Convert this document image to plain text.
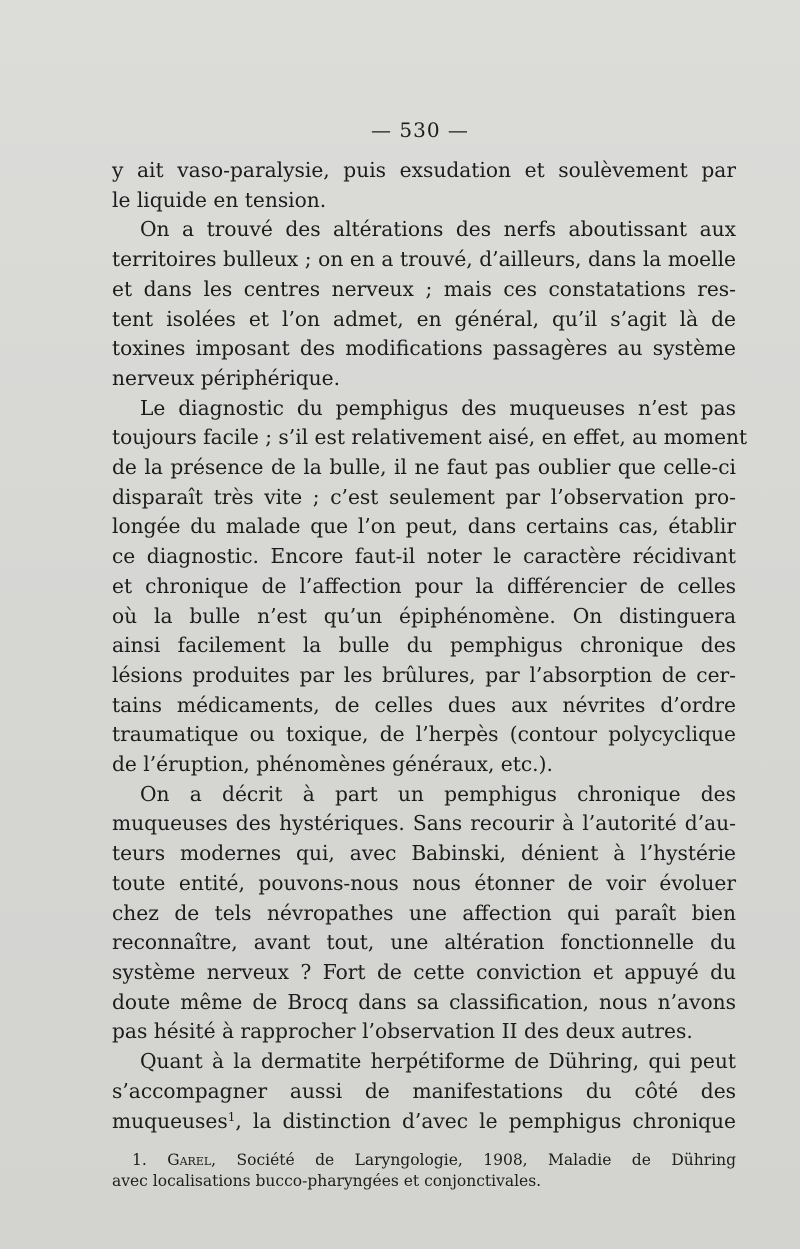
— 530 —
y ait vaso-paralysie, puis exsudation et soulèvement par
le liquide en tension.
On a trouvé des altérations des nerfs aboutissant aux
territoires bulleux ; on en a trouvé, d’ailleurs, dans la moelle
et dans les centres nerveux ; mais ces constatations res-
tent isolées et l’on admet, en général, qu’il s’agit là de
toxines imposant des modifications passagères au système
nerveux périphérique.
Le diagnostic du pemphigus des muqueuses n’est pas
toujours facile ; s’il est relativement aisé, en effet, au moment
de la présence de la bulle, il ne faut pas oublier que celle-ci
disparaît très vite ; c’est seulement par l’observation pro-
longée du malade que l’on peut, dans certains cas, établir
ce diagnostic. Encore faut-il noter le caractère récidivant
et chronique de l’affection pour la différencier de celles
où la bulle n’est qu’un épiphénomène. On distinguera
ainsi facilement la bulle du pemphigus chronique des
lésions produites par les brûlures, par l’absorption de cer-
tains médicaments, de celles dues aux névrites d’ordre
traumatique ou toxique, de l’herpès (contour polycyclique
de l’éruption, phénomènes généraux, etc.).
On a décrit à part un pemphigus chronique des
muqueuses des hystériques. Sans recourir à l’autorité d’au-
teurs modernes qui, avec Babinski, dénient à l’hystérie
toute entité, pouvons-nous nous étonner de voir évoluer
chez de tels névropathes une affection qui paraît bien
reconnaître, avant tout, une altération fonctionnelle du
système nerveux ? Fort de cette conviction et appuyé du
doute même de Brocq dans sa classification, nous n’avons
pas hésité à rapprocher l’observation II des deux autres.
Quant à la dermatite herpétiforme de Dühring, qui peut
s’accompagner aussi de manifestations du côté des
muqueuses$^1$, la distinction d’avec le pemphigus chronique
1. Garel, Société de Laryngologie, 1908, Maladie de Dühring
avec localisations bucco-pharyngées et conjonctivales.
